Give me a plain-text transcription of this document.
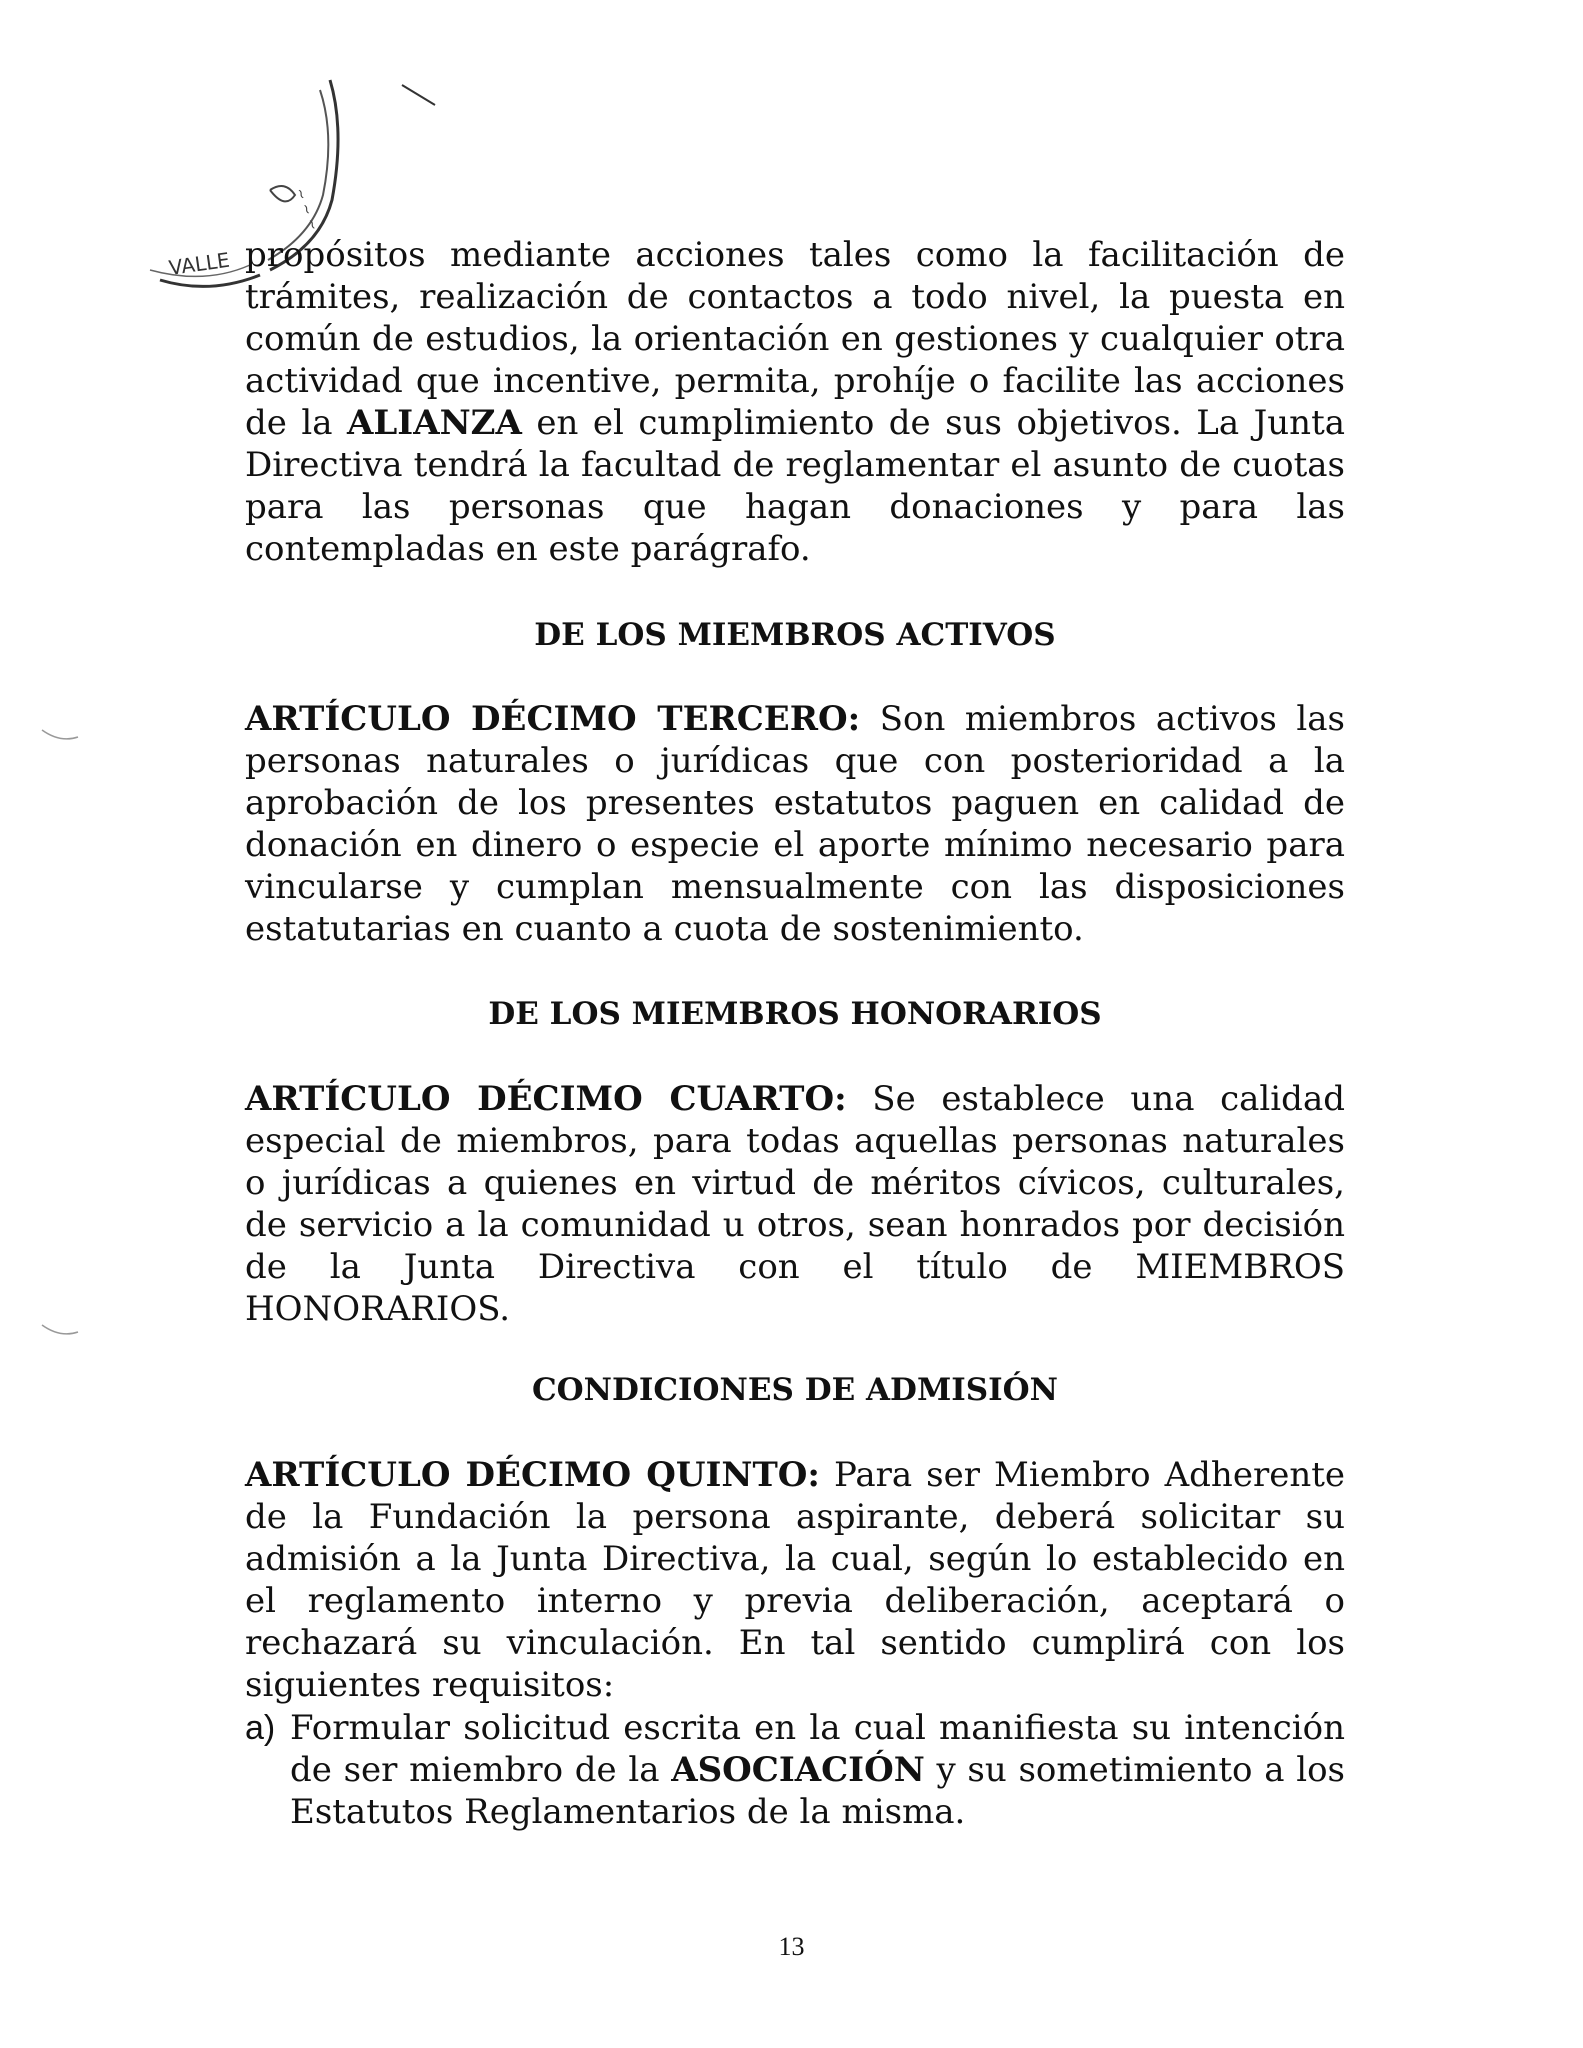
VALLE
~ ~ ~
propósitos mediante acciones tales como la facilitación de trámites, realización de contactos a todo nivel, la puesta en común de estudios, la orientación en gestiones y cualquier otra actividad que incentive, permita, prohíje o facilite las acciones de la ALIANZA en el cumplimiento de sus objetivos. La Junta Directiva tendrá la facultad de reglamentar el asunto de cuotas para las personas que hagan donaciones y para las contempladas en este parágrafo.
DE LOS MIEMBROS ACTIVOS
ARTÍCULO DÉCIMO TERCERO: Son miembros activos las personas naturales o jurídicas que con posterioridad a la aprobación de los presentes estatutos paguen en calidad de donación en dinero o especie el aporte mínimo necesario para vincularse y cumplan mensualmente con las disposiciones estatutarias en cuanto a cuota de sostenimiento.
DE LOS MIEMBROS HONORARIOS
ARTÍCULO DÉCIMO CUARTO: Se establece una calidad especial de miembros, para todas aquellas personas naturales o jurídicas a quienes en virtud de méritos cívicos, culturales, de servicio a la comunidad u otros, sean honrados por decisión de la Junta Directiva con el título de MIEMBROS HONORARIOS.
CONDICIONES DE ADMISIÓN
ARTÍCULO DÉCIMO QUINTO: Para ser Miembro Adherente de la Fundación la persona aspirante, deberá solicitar su admisión a la Junta Directiva, la cual, según lo establecido en el reglamento interno y previa deliberación, aceptará o rechazará su vinculación. En tal sentido cumplirá con los siguientes requisitos:
a) Formular solicitud escrita en la cual manifiesta su intención de ser miembro de la ASOCIACIÓN y su sometimiento a los Estatutos Reglamentarios de la misma.
13
